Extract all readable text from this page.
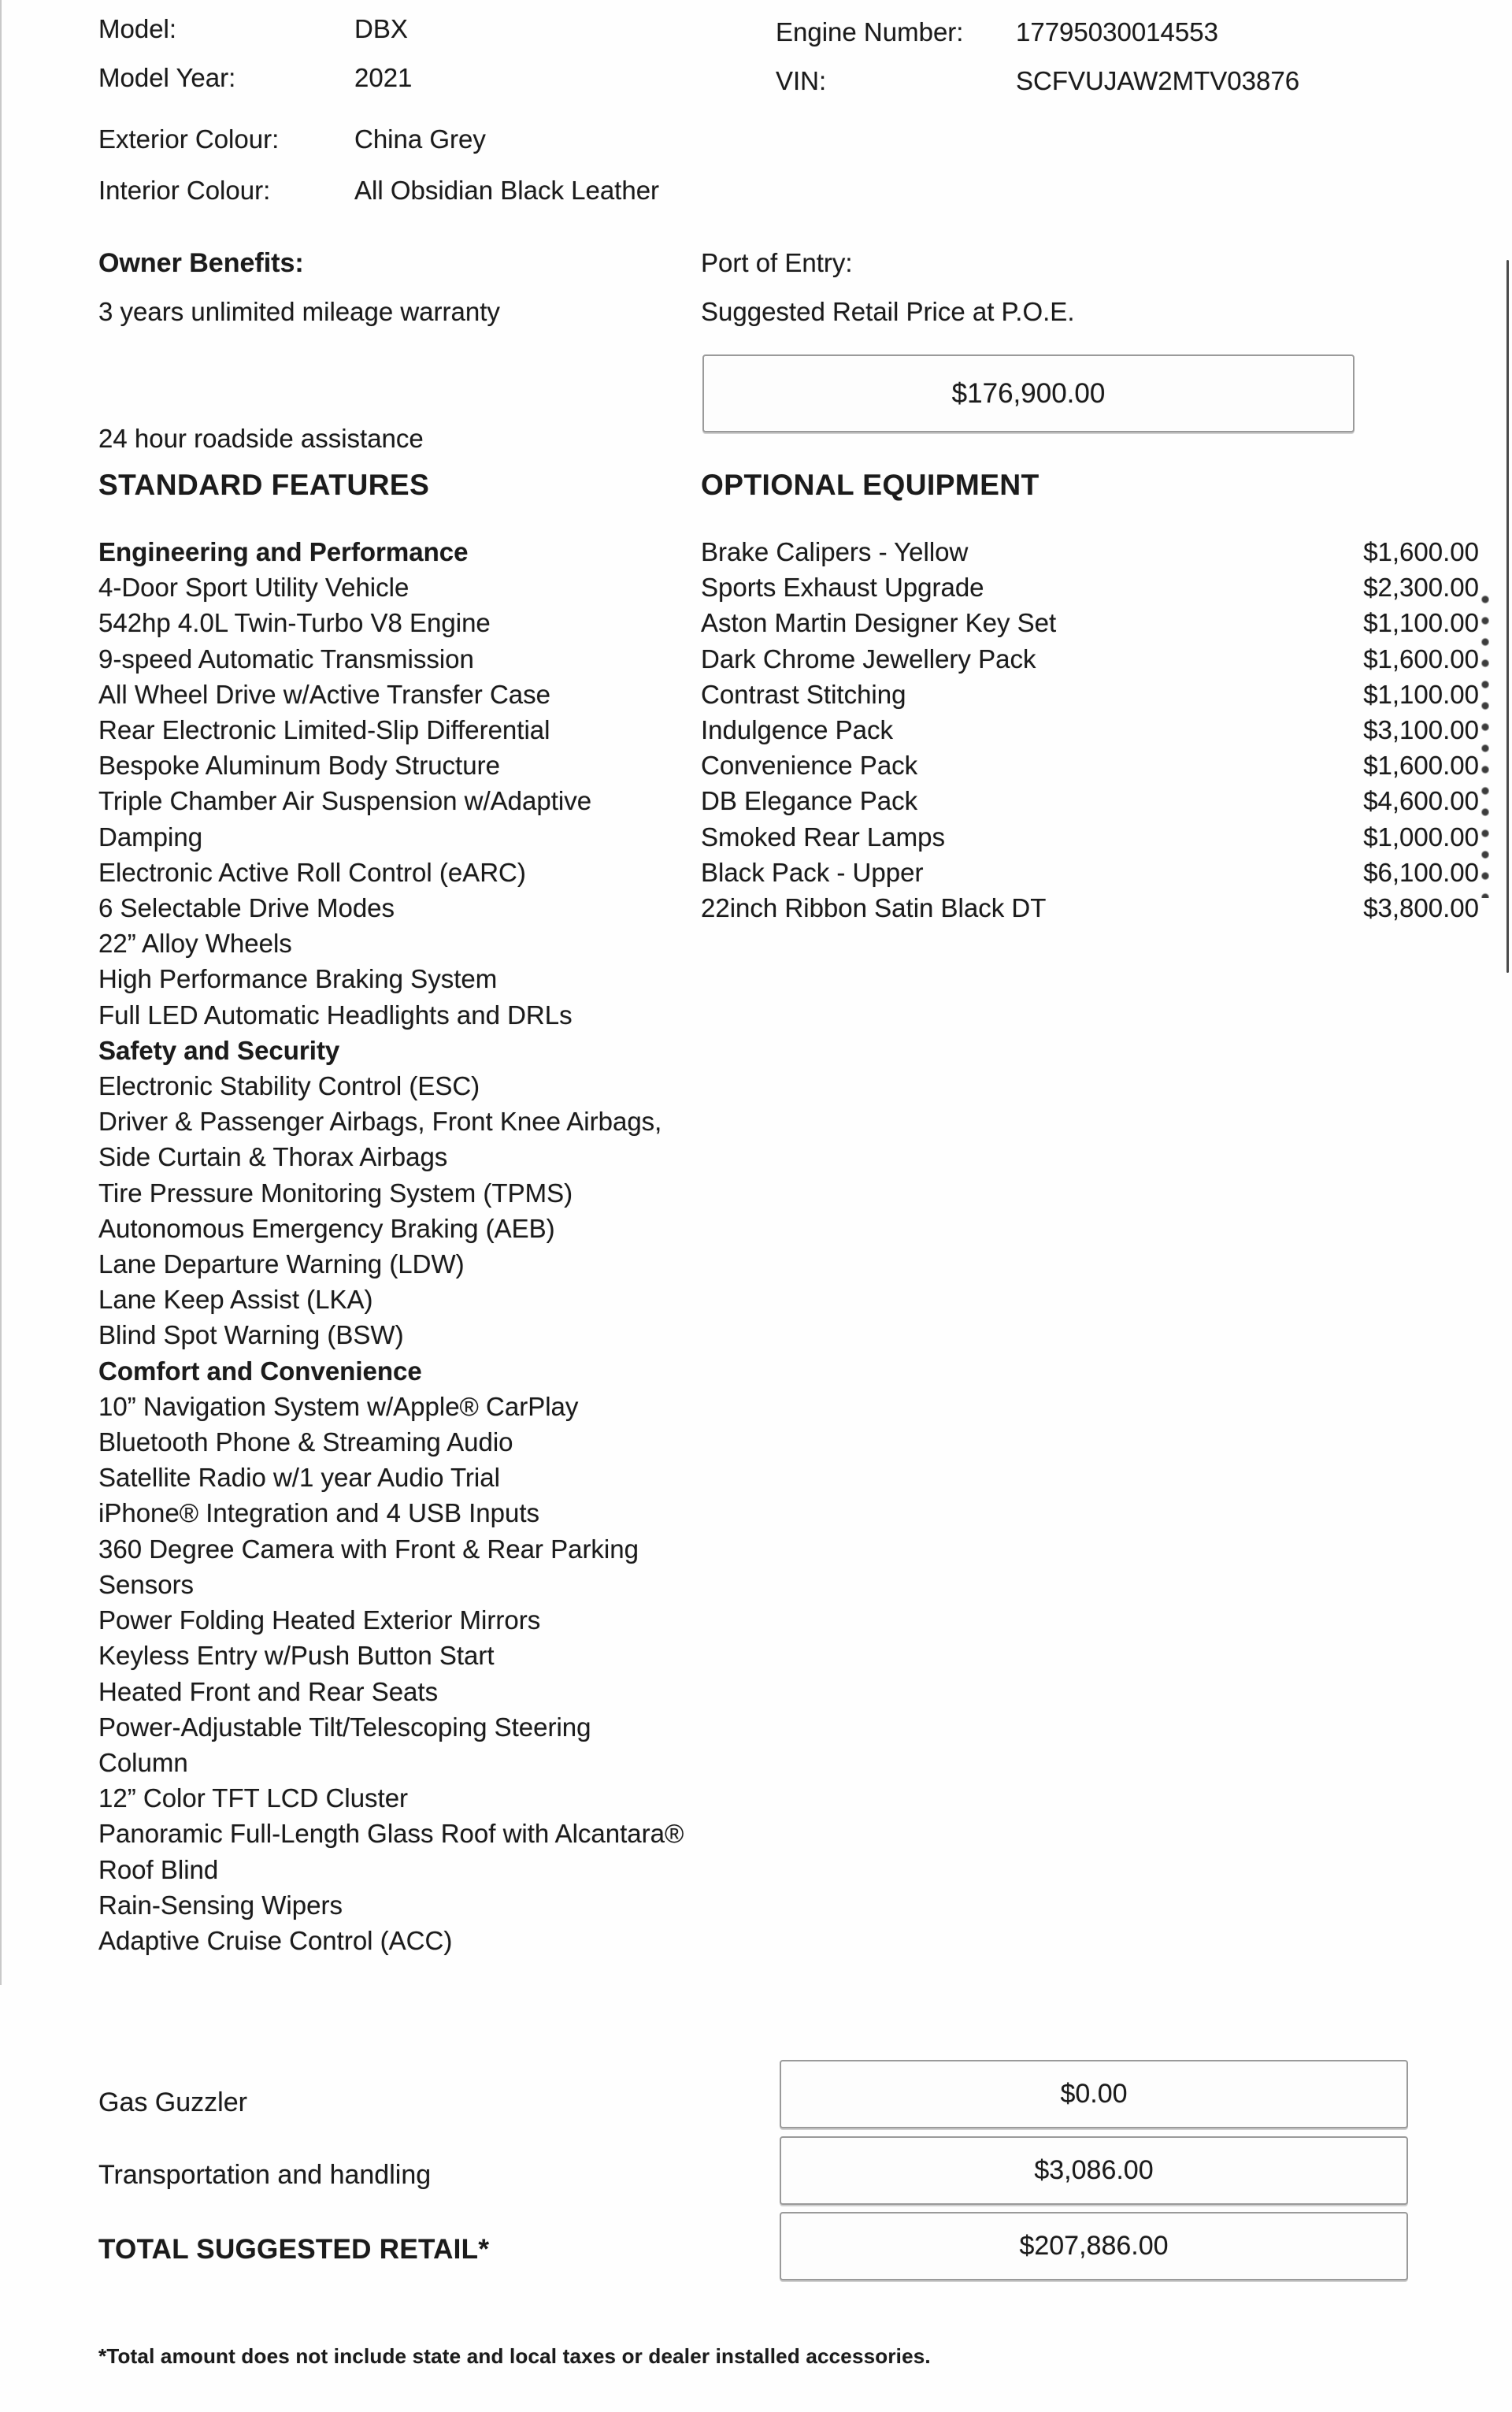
Model:	DBX
Model Year:	2021
Exterior Colour:	China Grey
Interior Colour:	All Obsidian Black Leather
Engine Number:	17795030014553
VIN:	SCFVUJAW2MTV03876
Owner Benefits:
3 years unlimited mileage warranty
24 hour roadside assistance
Port of Entry:
Suggested Retail Price at P.O.E.
$176,900.00
STANDARD FEATURES	OPTIONAL EQUIPMENT
Engineering and Performance
4-Door Sport Utility Vehicle
542hp 4.0L Twin-Turbo V8 Engine
9-speed Automatic Transmission
All Wheel Drive w/Active Transfer Case
Rear Electronic Limited-Slip Differential
Bespoke Aluminum Body Structure
Triple Chamber Air Suspension w/Adaptive Damping
Electronic Active Roll Control (eARC)
6 Selectable Drive Modes
22” Alloy Wheels
High Performance Braking System
Full LED Automatic Headlights and DRLs
Safety and Security
Electronic Stability Control (ESC)
Driver & Passenger Airbags, Front Knee Airbags, Side Curtain & Thorax Airbags
Tire Pressure Monitoring System (TPMS)
Autonomous Emergency Braking (AEB)
Lane Departure Warning (LDW)
Lane Keep Assist (LKA)
Blind Spot Warning (BSW)
Comfort and Convenience
10” Navigation System w/Apple® CarPlay
Bluetooth Phone & Streaming Audio
Satellite Radio w/1 year Audio Trial
iPhone® Integration and 4 USB Inputs
360 Degree Camera with Front & Rear Parking Sensors
Power Folding Heated Exterior Mirrors
Keyless Entry w/Push Button Start
Heated Front and Rear Seats
Power-Adjustable Tilt/Telescoping Steering Column
12” Color TFT LCD Cluster
Panoramic Full-Length Glass Roof with Alcantara® Roof Blind
Rain-Sensing Wipers
Adaptive Cruise Control (ACC)
Brake Calipers - Yellow	$1,600.00
Sports Exhaust Upgrade	$2,300.00
Aston Martin Designer Key Set	$1,100.00
Dark Chrome Jewellery Pack	$1,600.00
Contrast Stitching	$1,100.00
Indulgence Pack	$3,100.00
Convenience Pack	$1,600.00
DB Elegance Pack	$4,600.00
Smoked Rear Lamps	$1,000.00
Black Pack - Upper	$6,100.00
22inch Ribbon Satin Black DT	$3,800.00
Gas Guzzler	$0.00
Transportation and handling	$3,086.00
TOTAL SUGGESTED RETAIL*	$207,886.00
*Total amount does not include state and local taxes or dealer installed accessories.
